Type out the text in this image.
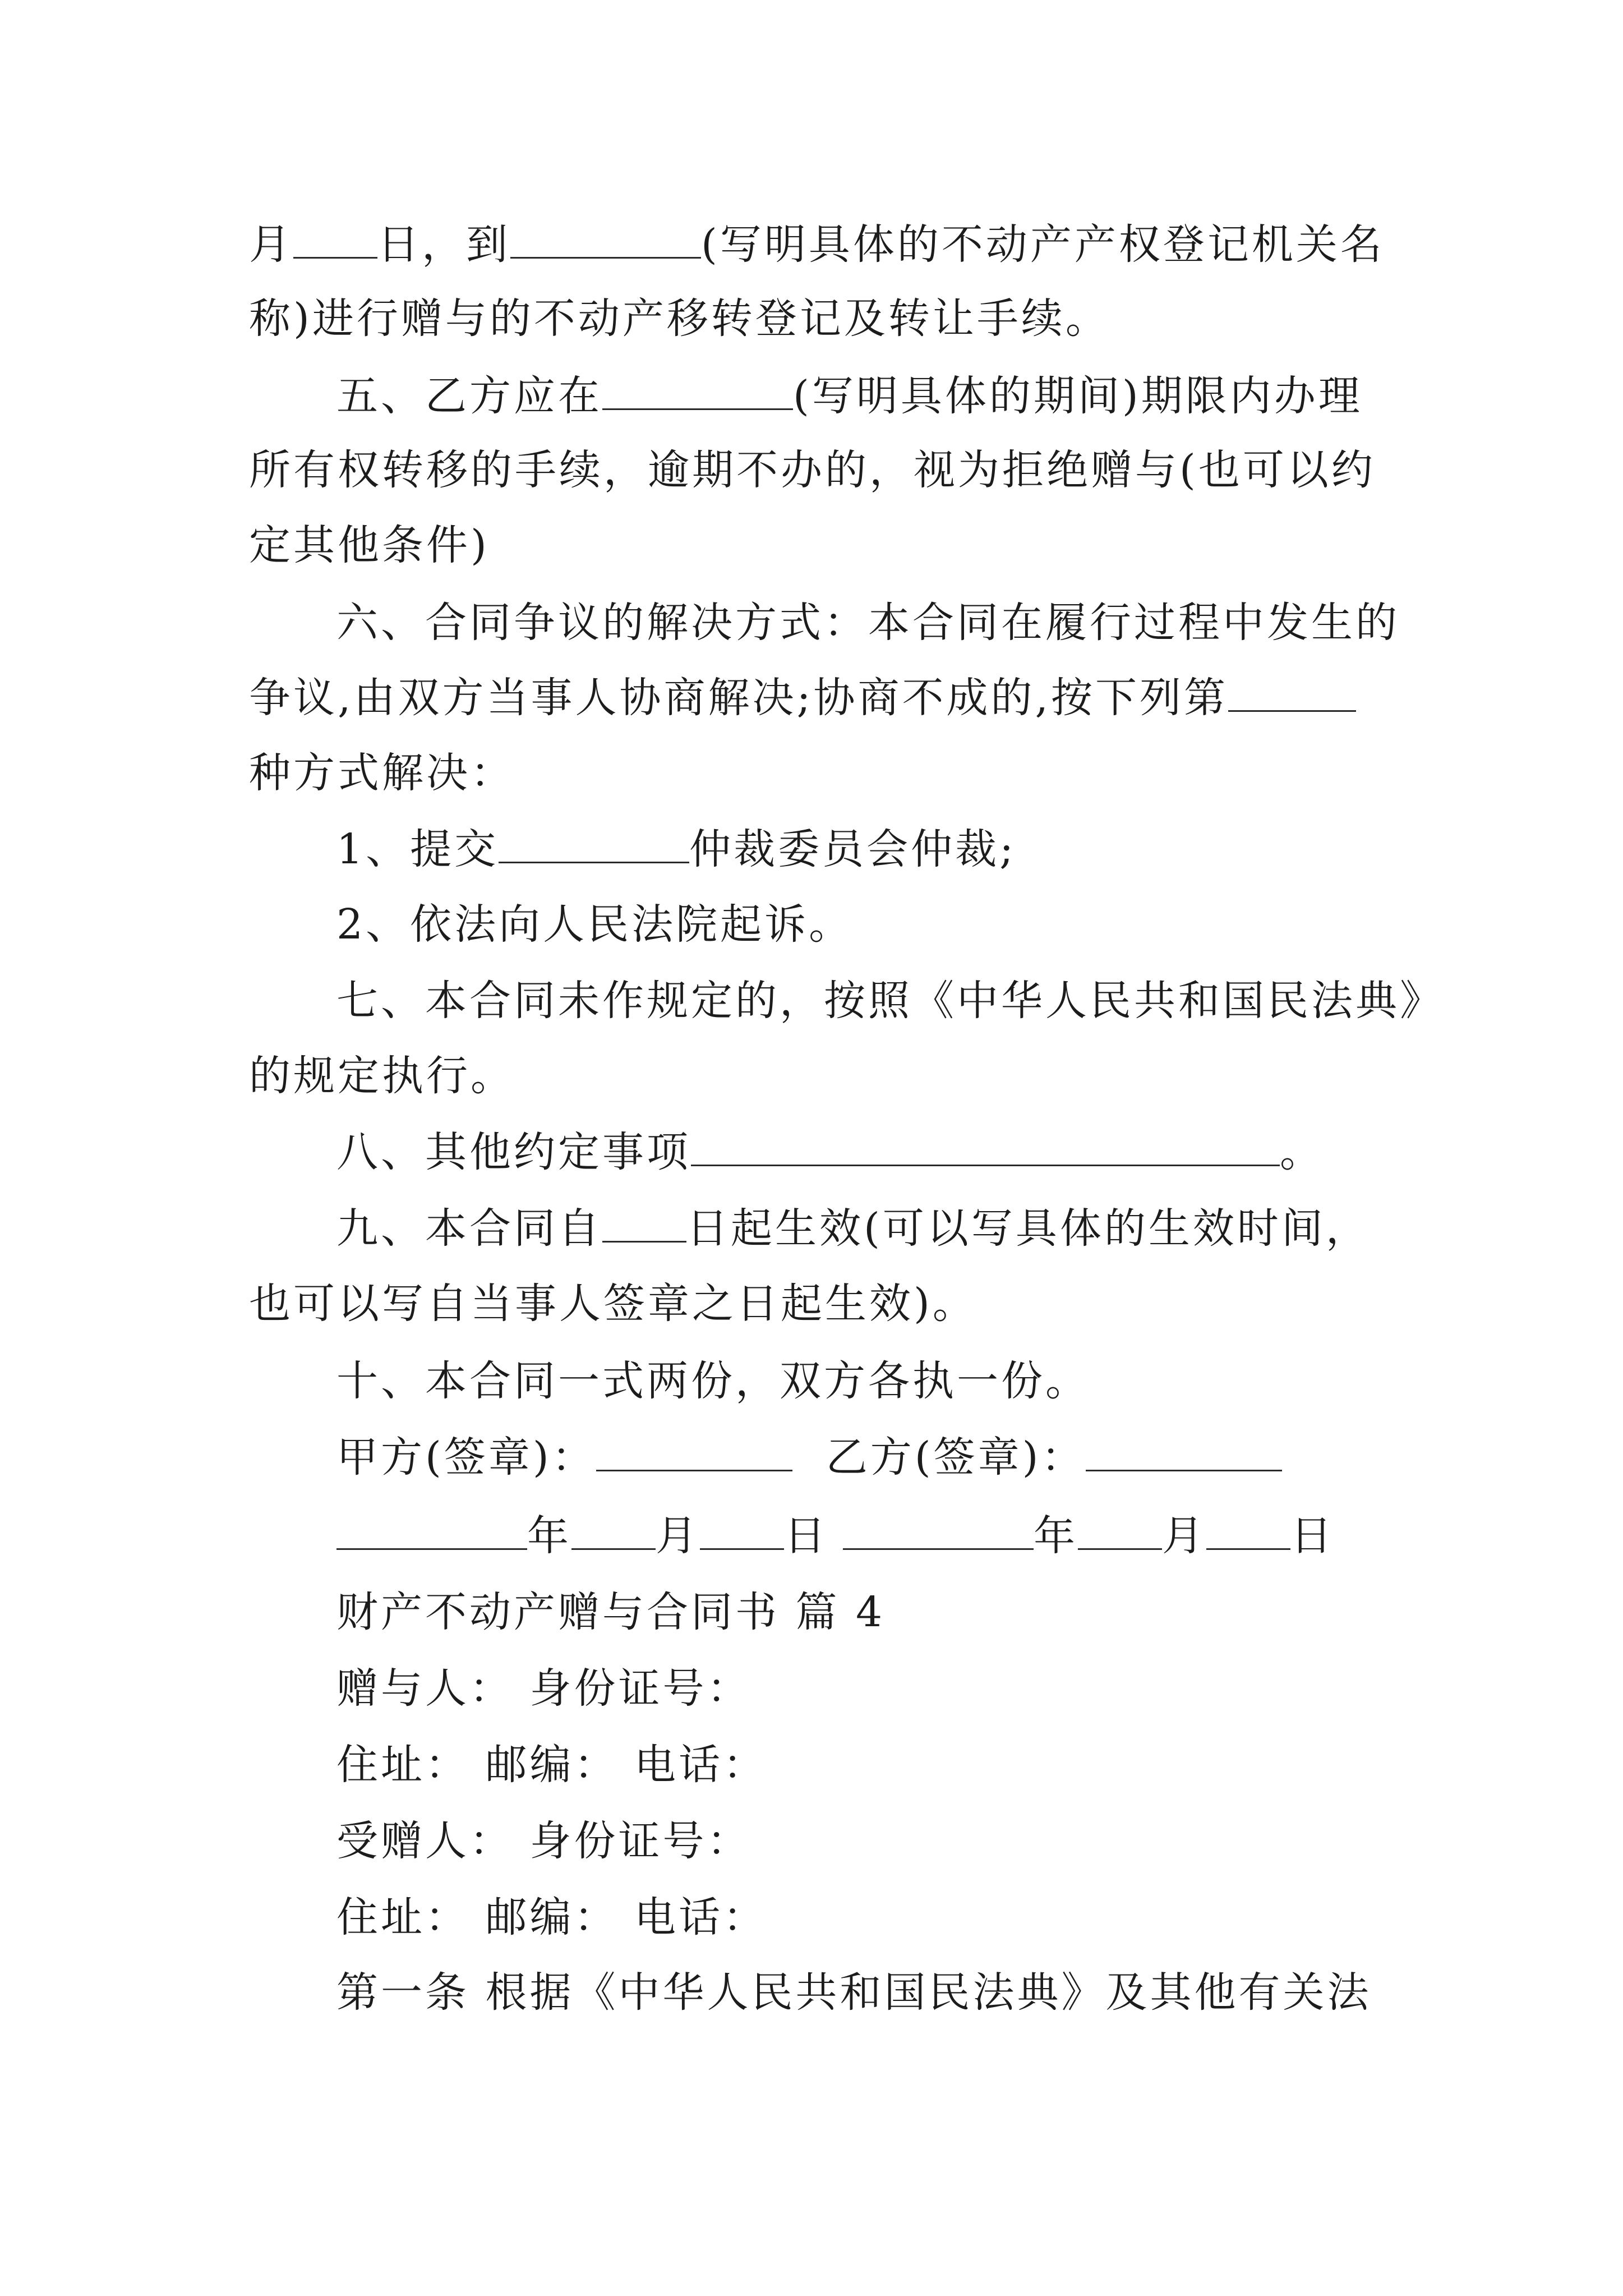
月 日，到	(写明具体的不动产产权登记机关名
称)进行赠与的不动产移转登记及转让手续。
五、乙方应在	(写明具体的期间)期限内办理
所有权转移的手续，逾期不办的，视为拒绝赠与(也可以约
定其他条件)
六、合同争议的解决方式：本合同在履行过程中发生的
争议,由双方当事人协商解决;协商不成的,按下列第
种方式解决：
1、提交	仲裁委员会仲裁;
2、依法向人民法院起诉。
七、本合同未作规定的，按照《中华人民共和国民法典》
的规定执行。
八、其他约定事项	。
九、本合同自 日起生效(可以写具体的生效时间，
也可以写自当事人签章之日起生效)。
十、本合同一式两份，双方各执一份。
甲方(签章)：	乙方(签章)：
年 月 日	年 月 日
财产不动产赠与合同书 篇 4
赠与人： 身份证号：
住址： 邮编： 电话：
受赠人： 身份证号：
住址： 邮编： 电话：
第一条 根据《中华人民共和国民法典》及其他有关法
